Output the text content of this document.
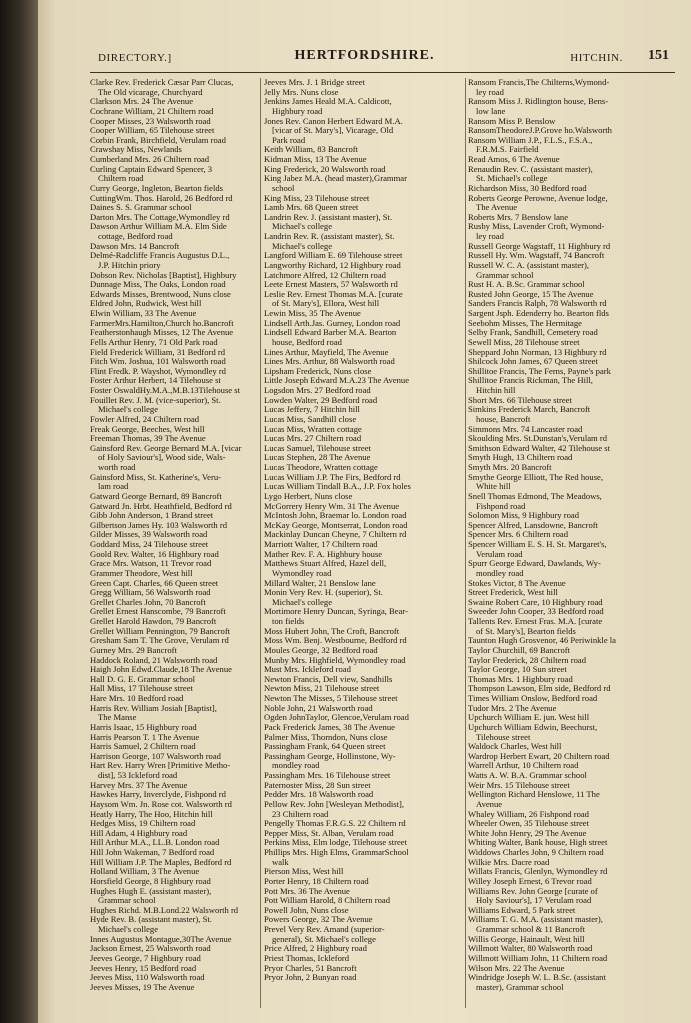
DIRECTORY.]	HERTFORDSHIRE.	HITCHIN. 151
Clarke Rev. Frederick Cæsar Parr Clucas,
The Old vicarage, Churchyard
Clarkson Mrs. 24 The Avenue
Cochrane William, 21 Chiltern road
Cooper Misses, 23 Walsworth road
Cooper William, 65 Tilehouse street
Corbin Frank, Birchfield, Verulam road
Crawshay Miss, Newlands
Cumberland Mrs. 26 Chiltern road
Curling Captain Edward Spencer, 3
Chiltern road
Curry George, Ingleton, Bearton fields
CuttingWm. Thos. Harold, 26 Bedford rd
Daines S. S. Grammar school
Darton Mrs. The Cottage,Wymondley rd
Dawson Arthur William M.A. Elm Side
cottage, Bedford road
Dawson Mrs. 14 Bancroft
Delmé-Radcliffe Francis Augustus D.L.,
J.P. Hitchin priory
Dobson Rev. Nicholas [Baptist], Highbury
Dunnage Miss, The Oaks, London road
Edwards Misses, Brentwood, Nuns close
Eldred John, Rudwick, West hill
Elwin William, 33 The Avenue
FarmerMrs.Hamilton,Church ho.Bancroft
Featherstonhaugh Misses, 12 The Avenue
Fells Arthur Henry, 71 Old Park road
Field Frederick William, 31 Bedford rd
Fitch Wm. Joshua, 101 Walsworth road
Flint Fredk. P. Wayshot, Wymondley rd
Foster Arthur Herbert, 14 Tilehouse st
Foster OswaldHy.M.A.,M.B.13Tilehouse st
Fouillet Rev. J. M. (vice-superior), St.
Michael's college
Fowler Alfred, 24 Chiltern road
Freak George, Beeches, West hill
Freeman Thomas, 39 The Avenue
Gainsford Rev. George Bernard M.A. [vicar
of Holy Saviour's], Wood side, Wals-
worth road
Gainsford Miss, St. Katherine's, Veru-
lam road
Gatward George Bernard, 89 Bancroft
Gatward Jn. Hrbt. Heathfield, Bedford rd
Gibb John Anderson, 1 Brand street
Gilbertson James Hy. 103 Walsworth rd
Gilder Misses, 39 Walsworth road
Goddard Miss, 24 Tilehouse street
Goold Rev. Walter, 16 Highbury road
Grace Mrs. Watson, 11 Trevor road
Grammer Theodore, West hill
Green Capt. Charles, 66 Queen street
Gregg William, 56 Walsworth road
Grellet Charles John, 70 Bancroft
Grellet Ernest Hanscombe, 79 Bancroft
Grellet Harold Hawdon, 79 Bancroft
Grellet William Pennington, 79 Bancroft
Gresham Sam T. The Grove, Verulam rd
Gurney Mrs. 29 Bancroft
Haddock Roland, 21 Walsworth road
Haigh John Edwd.Claude,18 The Avenue
Hall D. G. E. Grammar school
Hall Miss, 17 Tilehouse street
Hare Mrs. 10 Bedford road
Harris Rev. William Josiah [Baptist],
The Manse
Harris Isaac, 15 Highbury road
Harris Pearson T. 1 The Avenue
Harris Samuel, 2 Chiltern road
Harrison George, 107 Walsworth road
Hart Rev. Harry Wren [Primitive Metho-
dist], 53 Ickleford road
Harvey Mrs. 37 The Avenue
Hawkes Harry, Inverclyde, Fishpond rd
Haysom Wm. Jn. Rose cot. Walsworth rd
Heatly Harry, The Hoo, Hitchin hill
Hedges Miss, 19 Chiltern road
Hill Adam, 4 Highbury road
Hill Arthur M.A., LL.B. London road
Hill John Wakeman, 7 Bedford road
Hill William J.P. The Maples, Bedford rd
Holland William, 3 The Avenue
Horsfield George, 8 Highbury road
Hughes Hugh E. (assistant master),
Grammar school
Hughes Richd. M.B.Lond.22 Walsworth rd
Hyde Rev. B. (assistant master), St.
Michael's college
Innes Augustus Montague,30The Avenue
Jackson Ernest, 25 Walsworth road
Jeeves George, 7 Highbury road
Jeeves Henry, 15 Bedford road
Jeeves Miss, 110 Walsworth road
Jeeves Misses, 19 The Avenue
Jeeves Mrs. J. 1 Bridge street
Jelly Mrs. Nuns close
Jenkins James Heald M.A. Caldicott,
Highbury road
Jones Rev. Canon Herbert Edward M.A.
[vicar of St. Mary's], Vicarage, Old
Park road
Keith William, 83 Bancroft
Kidman Miss, 13 The Avenue
King Frederick, 20 Walsworth road
King Jabez M.A. (head master),Grammar
school
King Miss, 23 Tilehouse street
Lamb Mrs. 68 Queen street
Landrin Rev. J. (assistant master), St.
Michael's college
Landrin Rev. R. (assistant master), St.
Michael's college
Langford William E. 69 Tilehouse street
Langworthy Richard, 12 Highbury road
Latchmore Alfred, 12 Chiltern road
Leete Ernest Masters, 57 Walsworth rd
Leslie Rev. Ernest Thomas M.A. [curate
of St. Mary's], Ellora, West hill
Lewin Miss, 35 The Avenue
Lindsell Arth.Jas. Gurney, London road
Lindsell Edward Barber M.A. Bearton
house, Bedford road
Lines Arthur, Mayfield, The Avenue
Lines Mrs. Arthur, 88 Walsworth road
Lipsham Frederick, Nuns close
Little Joseph Edward M.A.23 The Avenue
Logsdon Mrs. 27 Bedford road
Lowden Walter, 29 Bedford road
Lucas Jeffery, 7 Hitchin hill
Lucas Miss, Sandhill close
Lucas Miss, Wratten cottage
Lucas Mrs. 27 Chiltern road
Lucas Samuel, Tilehouse street
Lucas Stephen, 28 The Avenue
Lucas Theodore, Wratten cottage
Lucas William J.P. The Firs, Bedford rd
Lucas William Tindall B.A., J.P. Fox holes
Lygo Herbert, Nuns close
McGorrery Henry Wm. 31 The Avenue
McIntosh John, Braemar lo. London road
McKay George, Montserrat, London road
Mackinlay Duncan Cheyne, 7 Chiltern rd
Marriott Walter, 17 Chiltern road
Mather Rev. F. A. Highbury house
Matthews Stuart Alfred, Hazel dell,
Wymondley road
Millard Walter, 21 Benslow lane
Monin Very Rev. H. (superior), St.
Michael's college
Mortimore Henry Duncan, Syringa, Bear-
ton fields
Moss Hubert John, The Croft, Bancroft
Moss Wm. Benj. Westbourne, Bedford rd
Moules George, 32 Bedford road
Munby Mrs. Highfield, Wymondley road
Must Mrs. Ickleford road
Newton Francis, Dell view, Sandhills
Newton Miss, 21 Tilehouse street
Newton The Misses, 5 Tilehouse street
Noble John, 21 Walsworth road
Ogden JohnTaylor, Glencoe,Verulam road
Pack Frederick James, 38 The Avenue
Palmer Miss, Thorndon, Nuns close
Passingham Frank, 64 Queen street
Passingham George, Hollinstone, Wy-
mondley road
Passingham Mrs. 16 Tilehouse street
Paternoster Miss, 28 Sun street
Pedder Mrs. 18 Walsworth road
Pellow Rev. John [Wesleyan Methodist],
23 Chiltern road
Pengelly Thomas F.R.G.S. 22 Chiltern rd
Pepper Miss, St. Alban, Verulam road
Perkins Miss, Elm lodge, Tilehouse street
Phillips Mrs. High Elms, GrammarSchool
walk
Pierson Miss, West hill
Porter Henry, 18 Chiltern road
Pott Mrs. 36 The Avenue
Pott William Harold, 8 Chiltern road
Powell John, Nuns close
Powers George, 32 The Avenue
Prevel Very Rev. Amand (superior-
general), St. Michael's college
Price Alfred, 2 Highbury road
Priest Thomas, Ickleford
Pryor Charles, 51 Bancroft
Pryor John, 2 Bunyan road
Ransom Francis,The Chilterns,Wymond-
ley road
Ransom Miss J. Ridlington house, Bens-
low lane
Ransom Miss P. Benslow
RansomTheodoreJ.P.Grove ho.Walsworth
Ransom William J.P., F.L.S., F.S.A.,
F.R.M.S. Fairfield
Read Amos, 6 The Avenue
Renaudin Rev. C. (assistant master),
St. Michael's college
Richardson Miss, 30 Bedford road
Roberts George Perowne, Avenue lodge,
The Avenue
Roberts Mrs. 7 Benslow lane
Rusby Miss, Lavender Croft, Wymond-
ley road
Russell George Wagstaff, 11 Highbury rd
Russell Hy. Wm. Wagstaff, 74 Bancroft
Russell W. C. A. (assistant master),
Grammar school
Rust H. A. B.Sc. Grammar school
Rusted John George, 15 The Avenue
Sanders Francis Ralph, 78 Walsworth rd
Sargent Jsph. Edenderry ho. Bearton flds
Seebohm Misses, The Hermitage
Selby Frank, Sandhill, Cemetery road
Sewell Miss, 28 Tilehouse street
Sheppard John Norman, 13 Highbury rd
Shilcock John James, 67 Queen street
Shillitoe Francis, The Ferns, Payne's park
Shillitoe Francis Rickman, The Hill,
Hitchin hill
Short Mrs. 66 Tilehouse street
Simkins Frederick March, Bancroft
house, Bancroft
Simmons Mrs. 74 Lancaster road
Skoulding Mrs. St.Dunstan's,Verulam rd
Smithson Edward Walter, 42 Tilehouse st
Smyth Hugh, 13 Chiltern road
Smyth Mrs. 20 Bancroft
Smythe George Elliott, The Red house,
White hill
Snell Thomas Edmond, The Meadows,
Fishpond road
Solomon Miss, 9 Highbury road
Spencer Alfred, Lansdowne, Bancroft
Spencer Mrs. 6 Chiltern road
Spencer William E. S. H. St. Margaret's,
Verulam road
Spurr George Edward, Dawlands, Wy-
mondley road
Stokes Victor, 8 The Avenue
Street Frederick, West hill
Swaine Robert Care, 10 Highbury road
Sweeder John Cooper, 33 Bedford road
Tallents Rev. Ernest Fras. M.A. [curate
of St. Mary's], Bearton fields
Taunton Hugh Grosvenor, 46 Periwinkle la
Taylor Churchill, 69 Bancroft
Taylor Frederick, 28 Chiltern road
Taylor George, 10 Sun street
Thomas Mrs. 1 Highbury road
Thompson Lawson, Elm side, Bedford rd
Times William Onslow, Bedford road
Tudor Mrs. 2 The Avenue
Upchurch William E. jun. West hill
Upchurch William Edwin, Beechurst,
Tilehouse street
Waldock Charles, West hill
Wardrop Herbert Ewart, 20 Chiltern road
Warrell Arthur, 10 Chiltern road
Watts A. W. B.A. Grammar school
Weir Mrs. 15 Tilehouse street
Wellington Richard Henslowe, 11 The
Avenue
Whaley William, 26 Fishpond road
Wheeler Owen, 35 Tilehouse street
White John Henry, 29 The Avenue
Whiting Walter, Bank house, High street
Widdows Charles John, 9 Chiltern road
Wilkie Mrs. Dacre road
Willats Francis, Glenlyn, Wymondley rd
Willey Joseph Ernest, 6 Trevor road
Williams Rev. John George [curate of
Holy Saviour's], 17 Verulam road
Williams Edward, 5 Park street
Williams T. G. M.A. (assistant master),
Grammar school & 11 Bancroft
Willis George, Hainault, West hill
Willmott Walter, 80 Walsworth road
Willmott William John, 11 Chiltern road
Wilson Mrs. 22 The Avenue
Windridge Joseph W. L. B.Sc. (assistant
master), Grammar school
